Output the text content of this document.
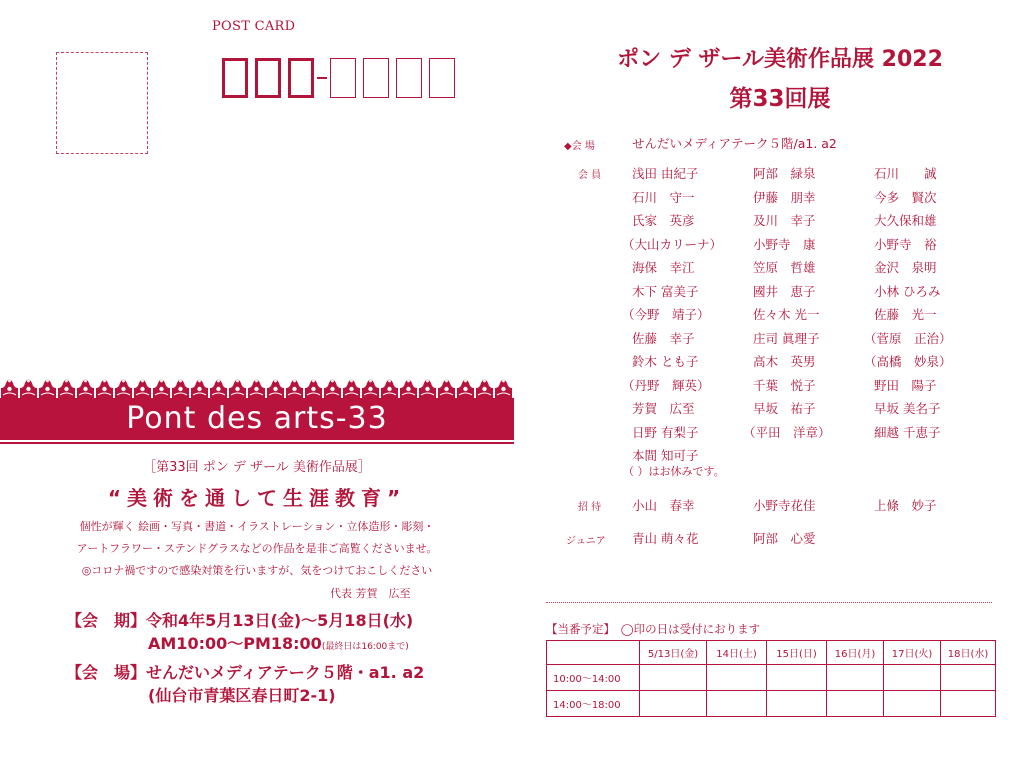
POST CARD
Pont des arts-33
［第33回 ポン デ ザール 美術作品展］
“美術を通して生涯教育”
個性が輝く 絵画・写真・書道・イラストレーション・立体造形・彫刻・
アートフラワー・ステンドグラスなどの作品を是非ご高覧くださいませ。
◎コロナ禍ですので感染対策を行いますが、気をつけておこしください
代表 芳賀　広至
【会　期】令和4年5月13日(金)～5月18日(水)
AM10:00～PM18:00(最終日は16:00まで)
【会　場】せんだいメディアテーク５階・a1. a2
(仙台市青葉区春日町2-1)
ポン デ ザール美術作品展 2022
第33回展
◆会 場	せんだいメディアテーク５階/a1. a2
会 員 浅田 由紀子	阿部　緑泉	石川　　誠
石川　守一	伊藤　朋幸	今多　賢次
氏家　英彦	及川　幸子	大久保和雄
（大山カリーナ） 小野寺　康	小野寺　裕
海保　幸江	笠原　哲雄	金沢　泉明
木下 富美子	國井　恵子	小林 ひろみ
（今野　靖子）	佐々木 光一	佐藤　光一
佐藤　幸子	庄司 眞理子	（菅原　正治）
鈴木 とも子	高木　英男	（高橋　妙泉）
（丹野　輝英）	千葉　悦子	野田　陽子
芳賀　広至	早坂　祐子	早坂 美名子
日野 有梨子	（平田　洋章）	細越 千恵子
本間 知可子
（ ）はお休みです。
招 待 小山　春幸	小野寺花佳	上條　妙子
ジュニア 青山 萌々花	阿部　心愛
【当番予定】　◯印の日は受付におります
	5/13日(金)	14日(土)	15日(日)	16日(月)	17日(火)	18日(水)
10:00～14:00						
14:00～18:00						
